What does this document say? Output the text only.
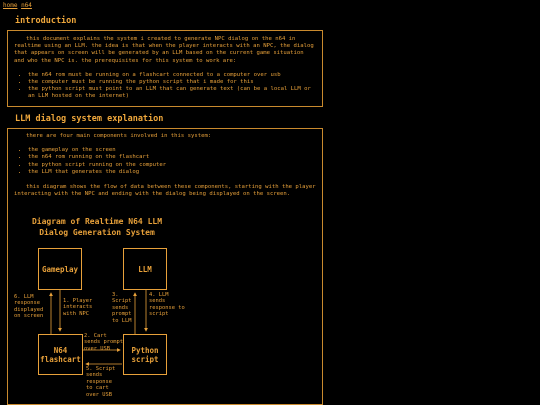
home n64
introduction

this document explains the system i created to generate NPC dialog on the n64 in realtime using an LLM. the idea is that when the player interacts with an NPC, the dialog that appears on screen will be generated by an LLM based on the current game situation and who the NPC is. the prerequisites for this system to work are:

• the n64 rom must be running on a flashcart connected to a computer over usb
• the computer must be running the python script that i made for this
• the python script must point to an LLM that can generate text (can be a local LLM or an LLM hosted on the internet)
LLM dialog system explanation

there are four main components involved in this system:

• the gameplay on the screen
• the n64 rom running on the flashcart
• the python script running on the computer
• the LLM that generates the dialog

this diagram shows the flow of data between these components, starting with the player interacting with the NPC and ending with the dialog being displayed on the screen.

Diagram of Realtime N64 LLM Dialog Generation System
Gameplay	LLM
N64 flashcart
Python script
1. Player interacts with NPC
6. LLM response displayed on screen
2. Cart sends prompt over USB
5. Script sends response to cart over USB
3. Script sends prompt to LLM
4. LLM sends response to script
